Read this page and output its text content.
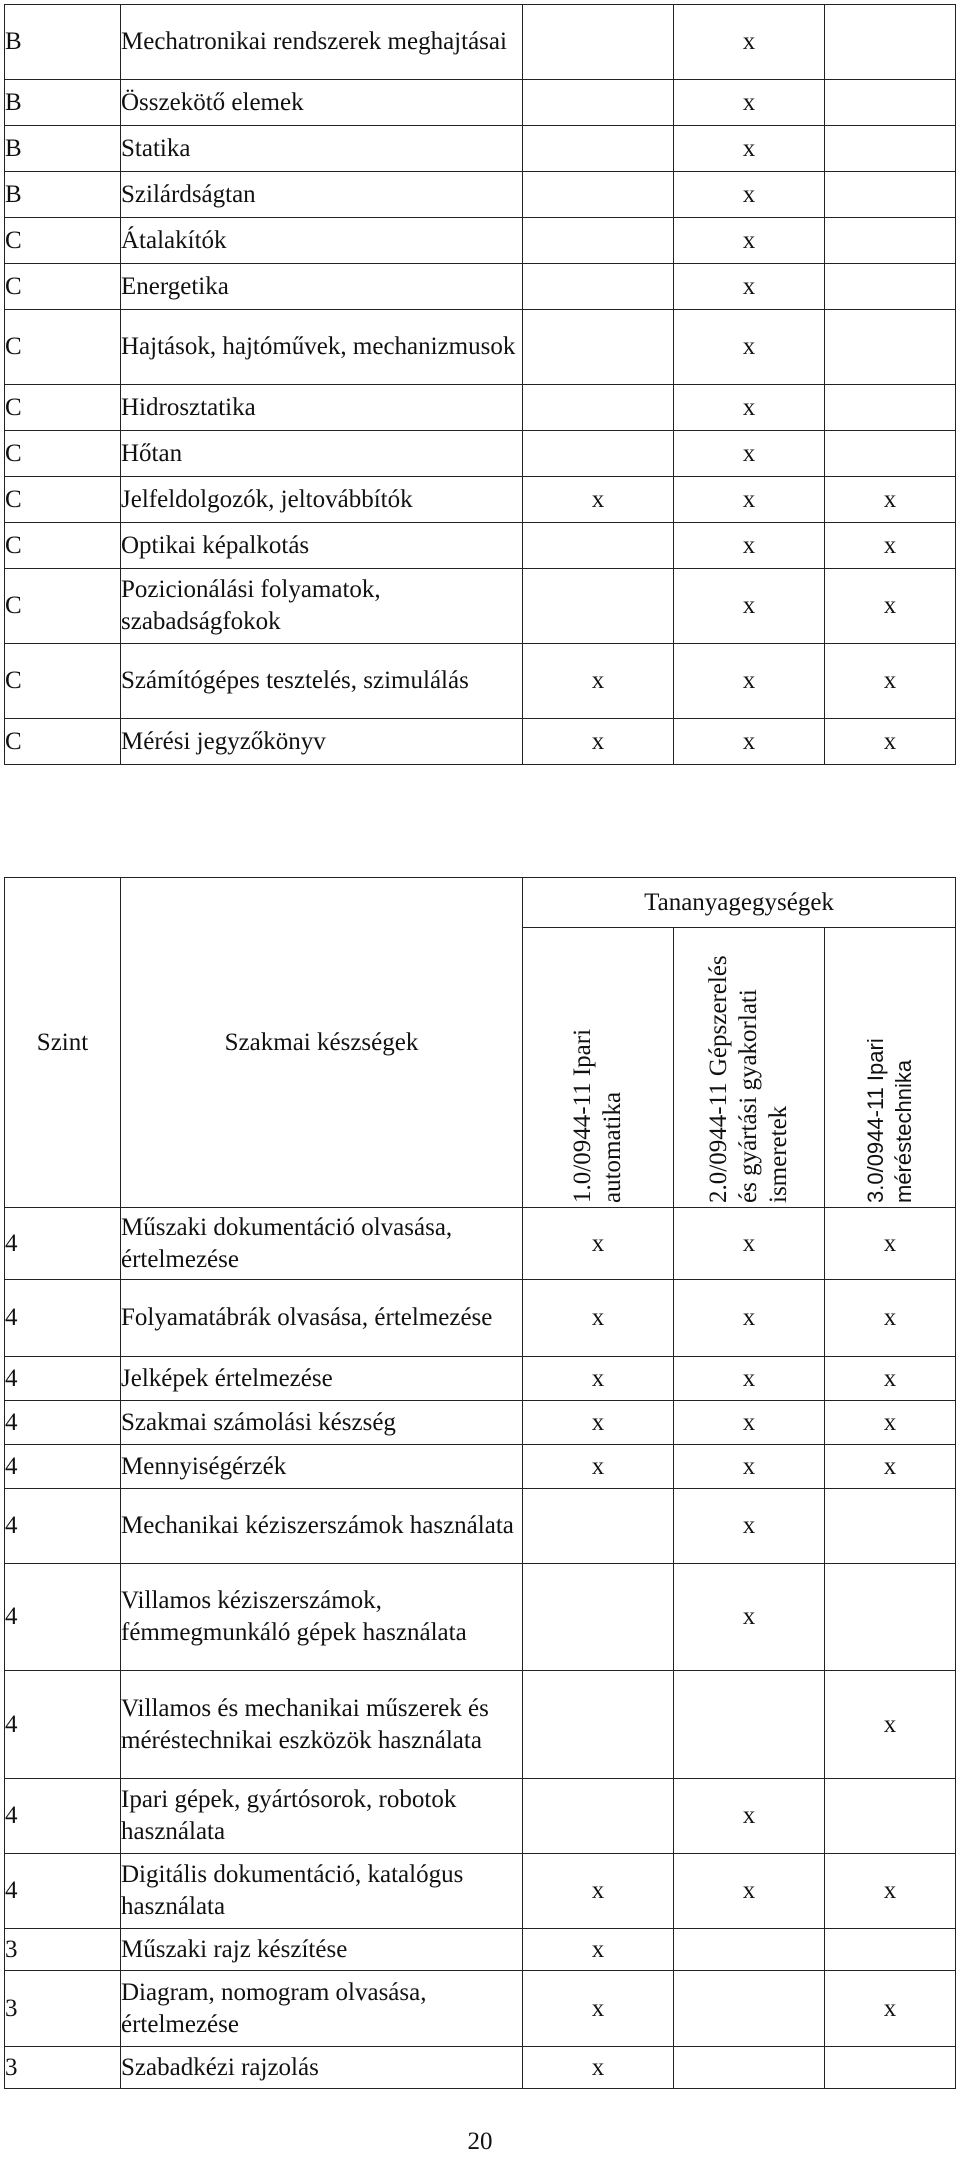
B	Mechatronikai rendszerek meghajtásai		x	
B	Összekötő elemek		x	
B	Statika		x	
B	Szilárdságtan		x	
C	Átalakítók		x	
C	Energetika		x	
C	Hajtások, hajtóművek, mechanizmusok		x	
C	Hidrosztatika		x	
C	Hőtan		x	
C	Jelfeldolgozók, jeltovábbítók	x	x	x
C	Optikai képalkotás		x	x
C	Pozicionálási folyamatok, szabadságfokok		x	x
C	Számítógépes tesztelés, szimulálás	x	x	x
C	Mérési jegyzőkönyv	x	x	x
Szint	Szakmai készségek	Tananyagegységek		

		1.0/0944-11 Ipari automatika	2.0/0944-11 Gépszerelés és gyártási gyakorlati ismeretek	3.0/0944-11 Ipari méréstechnika

4	Műszaki dokumentáció olvasása, értelmezése	x	x	x
4	Folyamatábrák olvasása, értelmezése	x	x	x
4	Jelképek értelmezése	x	x	x
4	Szakmai számolási készség	x	x	x
4	Mennyiségérzék	x	x	x
4	Mechanikai kéziszerszámok használata		x	
4	Villamos kéziszerszámok, fémmegmunkáló gépek használata		x	
4	Villamos és mechanikai műszerek és méréstechnikai eszközök használata			x
4	Ipari gépek, gyártósorok, robotok használata		x	
4	Digitális dokumentáció, katalógus használata	x	x	x
3	Műszaki rajz készítése	x		
3	Diagram, nomogram olvasása, értelmezése	x		x
3	Szabadkézi rajzolás	x		
20
